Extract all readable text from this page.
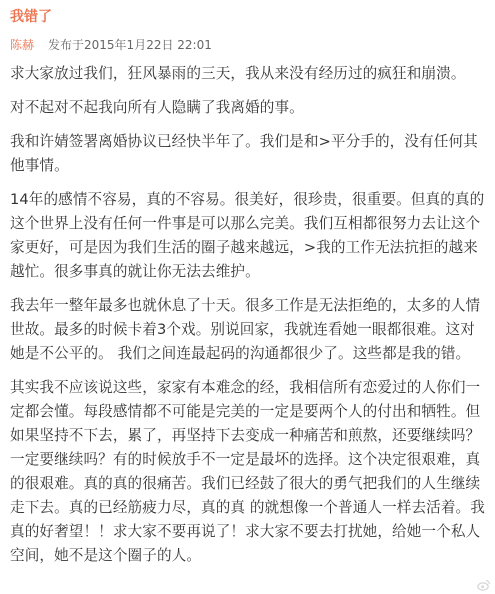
我错了
陈赫 发布于2015年1月22日 22:01

求大家放过我们，狂风暴雨的三天，我从来没有经历过的疯狂和崩溃。

对不起对不起我向所有人隐瞒了我离婚的事。

我和许婧签署离婚协议已经快半年了。我们是和>平分手的，没有任何其他事情。

14年的感情不容易，真的不容易。很美好，很珍贵，很重要。但真的真的这个世界上没有任何一件事是可以那么完美。我们互相都很努力去让这个家更好，可是因为我们生活的圈子越来越远，>我的工作无法抗拒的越来越忙。很多事真的就让你无法去维护。

我去年一整年最多也就休息了十天。很多工作是无法拒绝的，太多的人情世故。最多的时候卡着3个戏。别说回家，我就连看她一眼都很难。这对她是不公平的。 我们之间连最起码的沟通都很少了。这些都是我的错。

其实我不应该说这些，家家有本难念的经，我相信所有恋爱过的人你们一定都会懂。每段感情都不可能是完美的一定是要两个人的付出和牺牲。但如果坚持不下去，累了，再坚持下去变成一种痛苦和煎熬，还要继续吗？一定要继续吗？有的时候放手不一定是最坏的选择。这个决定很艰难，真的很艰难。真的真的很痛苦。我们已经鼓了很大的勇气把我们的人生继续走下去。真的已经筋疲力尽，真的真 的就想像一个普通人一样去活着。我真的好奢望！！求大家不要再说了！求大家不要去打扰她，给她一个私人空间，她不是这个圈子的人。
